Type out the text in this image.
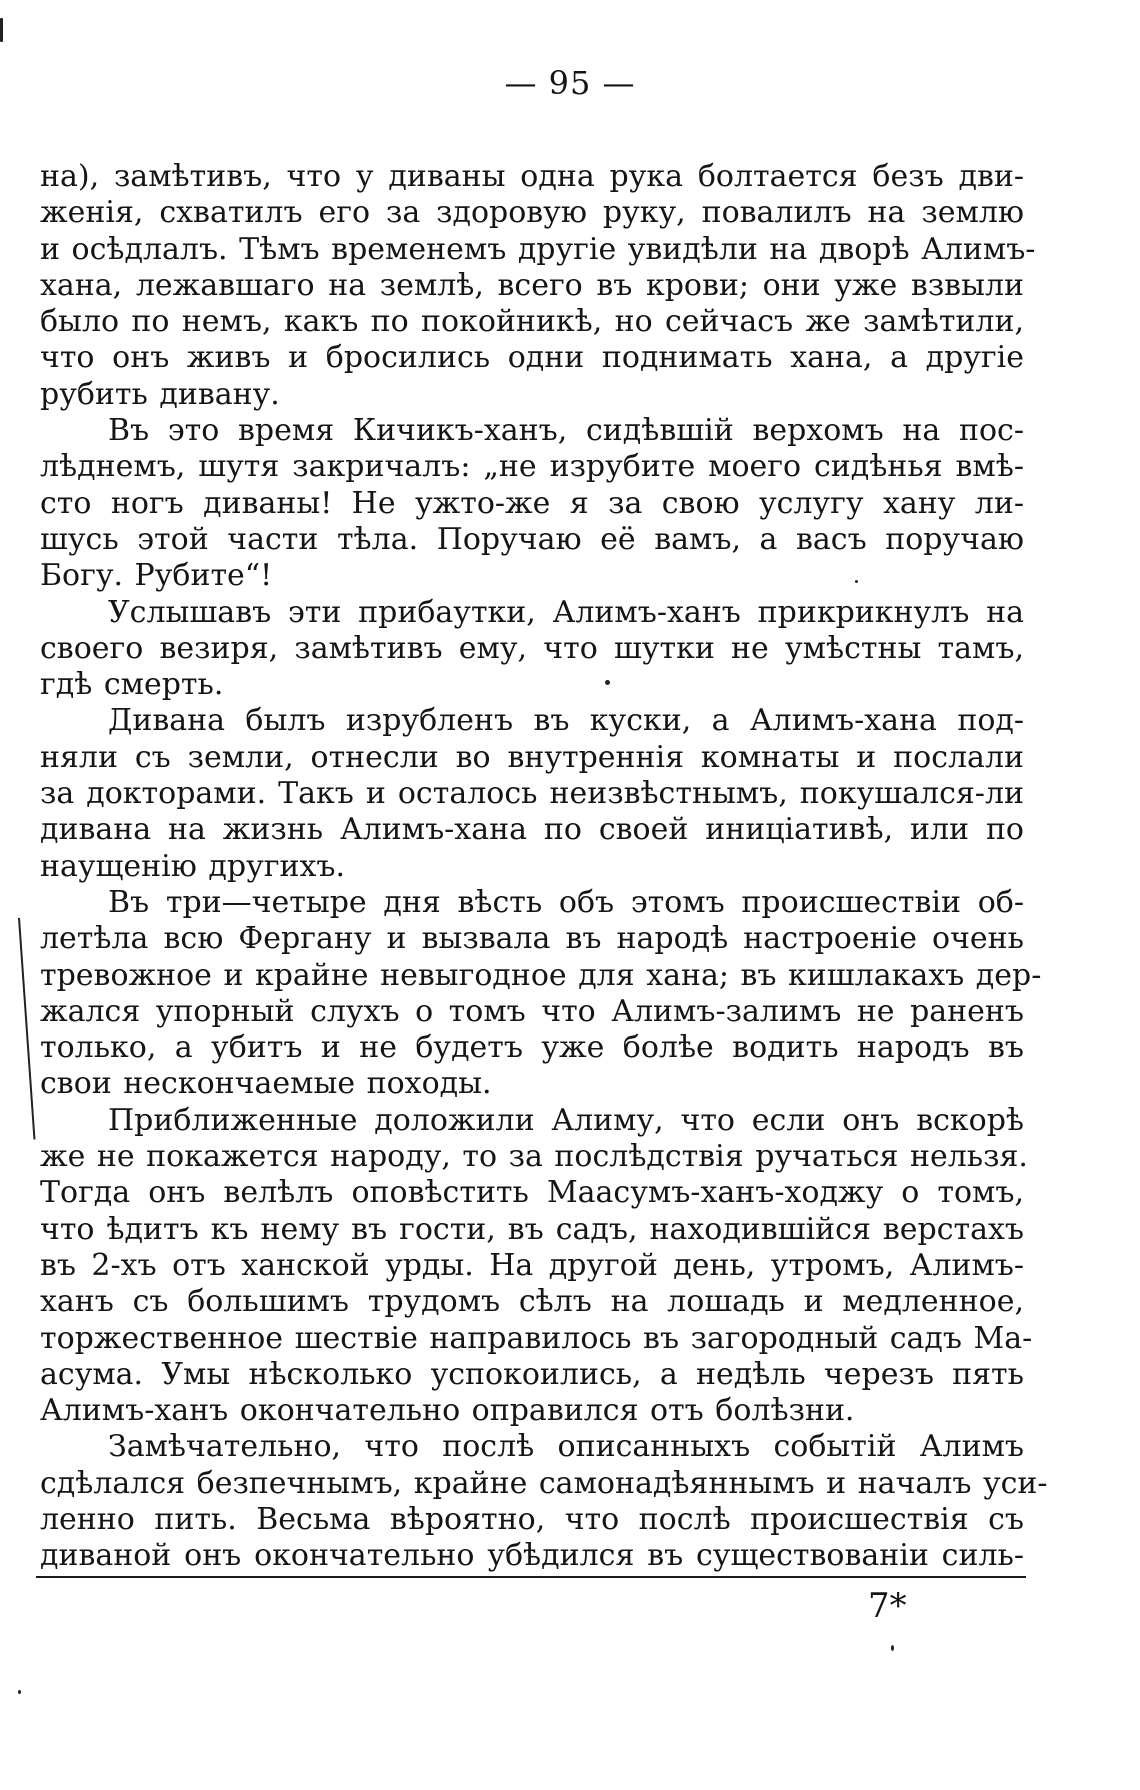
— 95 —
на), замѣтивъ, что у диваны одна рука болтается безъ дви-
женія, схватилъ его за здоровую руку, повалилъ на землю
и осѣдлалъ. Тѣмъ временемъ другіе увидѣли на дворѣ Алимъ-
хана, лежавшаго на землѣ, всего въ крови; они уже взвыли
было по немъ, какъ по покойникѣ, но сейчасъ же замѣтили,
что онъ живъ и бросились одни поднимать хана, а другіе
рубить дивану.
Въ это время Кичикъ-ханъ, сидѣвшій верхомъ на пос-
лѣднемъ, шутя закричалъ: „не изрубите моего сидѣнья вмѣ-
сто ногъ диваны! Не ужто-же я за свою услугу хану ли-
шусь этой части тѣла. Поручаю её вамъ, а васъ поручаю
Богу. Рубите“!
Услышавъ эти прибаутки, Алимъ-ханъ прикрикнулъ на
своего везиря, замѣтивъ ему, что шутки не умѣстны тамъ,
гдѣ смерть.
Дивана былъ изрубленъ въ куски, а Алимъ-хана под-
няли съ земли, отнесли во внутреннія комнаты и послали
за докторами. Такъ и осталось неизвѣстнымъ, покушался-ли
дивана на жизнь Алимъ-хана по своей иниціативѣ, или по
наущенію другихъ.
Въ три—четыре дня вѣсть объ этомъ происшествіи об-
летѣла всю Фергану и вызвала въ народѣ настроеніе очень
тревожное и крайне невыгодное для хана; въ кишлакахъ дер-
жался упорный слухъ о томъ что Алимъ-залимъ не раненъ
только, а убитъ и не будетъ уже болѣе водить народъ въ
свои нескончаемые походы.
Приближенные доложили Алиму, что если онъ вскорѣ
же не покажется народу, то за послѣдствія ручаться нельзя.
Тогда онъ велѣлъ оповѣстить Маасумъ-ханъ-ходжу о томъ,
что ѣдитъ къ нему въ гости, въ садъ, находившійся верстахъ
въ 2-хъ отъ ханской урды. На другой день, утромъ, Алимъ-
ханъ съ большимъ трудомъ сѣлъ на лошадь и медленное,
торжественное шествіе направилось въ загородный садъ Ма-
асума. Умы нѣсколько успокоились, а недѣль черезъ пять
Алимъ-ханъ окончательно оправился отъ болѣзни.
Замѣчательно, что послѣ описанныхъ событій Алимъ
сдѣлался безпечнымъ, крайне самонадѣяннымъ и началъ уси-
ленно пить. Весьма вѣроятно, что послѣ происшествія съ
диваной онъ окончательно убѣдился въ существованіи силь-
7*
